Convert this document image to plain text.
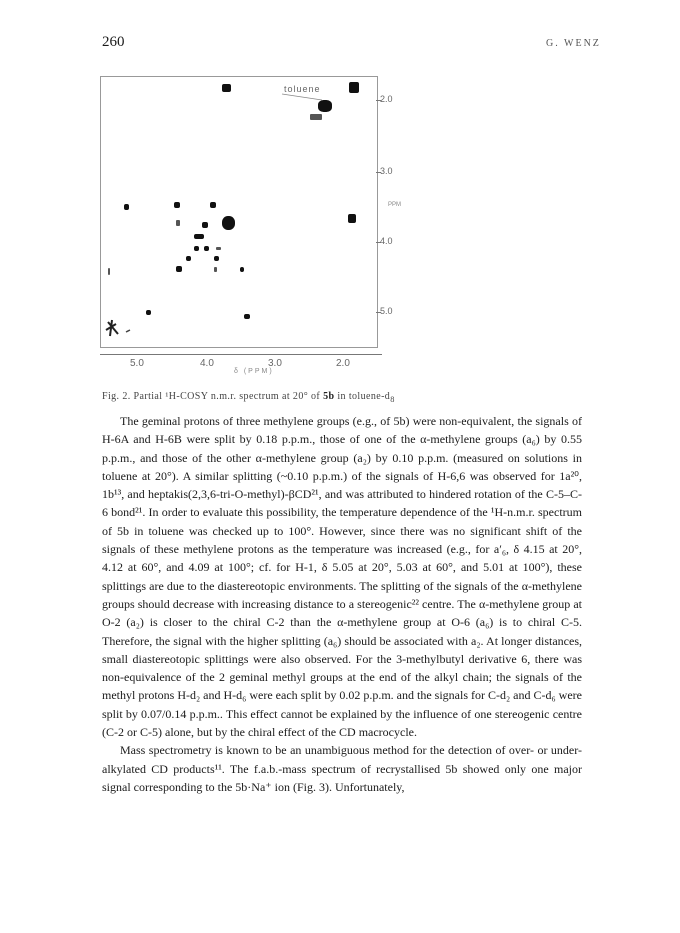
260	G. WENZ
toluene
2.0
3.0
4.0
5.0
PPM
5.0	4.0	3.0	2.0
δ (PPM)
Fig. 2. Partial ¹H-COSY n.m.r. spectrum at 20° of 5b in toluene-$d_8$

The geminal protons of three methylene groups (e.g., of 5b) were non-equivalent, the signals of H-6A and H-6B were split by 0.18 p.p.m., those of one of the α-methylene groups (a₆) by 0.55 p.p.m., and those of the other α-methylene group (a₂) by 0.10 p.p.m. (measured on solutions in toluene at 20°). A similar splitting (~0.10 p.p.m.) of the signals of H-6,6 was observed for 1a²⁰, 1b¹³, and heptakis(2,3,6-tri-O-methyl)-βCD²¹, and was attributed to hindered rotation of the C-5–C-6 bond²¹. In order to evaluate this possibility, the temperature dependence of the ¹H-n.m.r. spectrum of 5b in toluene was checked up to 100°. However, since there was no significant shift of the signals of these methylene protons as the temperature was increased (e.g., for a′₆, δ 4.15 at 20°, 4.12 at 60°, and 4.09 at 100°; cf. for H-1, δ 5.05 at 20°, 5.03 at 60°, and 5.01 at 100°), these splittings are due to the diastereotopic environments. The splitting of the signals of the α-methylene groups should decrease with increasing distance to a stereogenic²² centre. The α-methylene group at O-2 (a₂) is closer to the chiral C-2 than the α-methylene group at O-6 (a₆) is to chiral C-5. Therefore, the signal with the higher splitting (a₆) should be associated with a₂. At longer distances, small diastereotopic splittings were also observed. For the 3-methylbutyl derivative 6, there was non-equivalence of the 2 geminal methyl groups at the end of the alkyl chain; the signals of the methyl protons H-d₂ and H-d₆ were each split by 0.02 p.p.m. and the signals for C-d₂ and C-d₆ were split by 0.07/0.14 p.p.m.. This effect cannot be explained by the influence of one stereogenic centre (C-2 or C-5) alone, but by the chiral effect of the CD macrocycle.

Mass spectrometry is known to be an unambiguous method for the detection of over- or under-alkylated CD products¹¹. The f.a.b.-mass spectrum of recrystallised 5b showed only one major signal corresponding to the 5b·Na⁺ ion (Fig. 3). Unfortunately,
